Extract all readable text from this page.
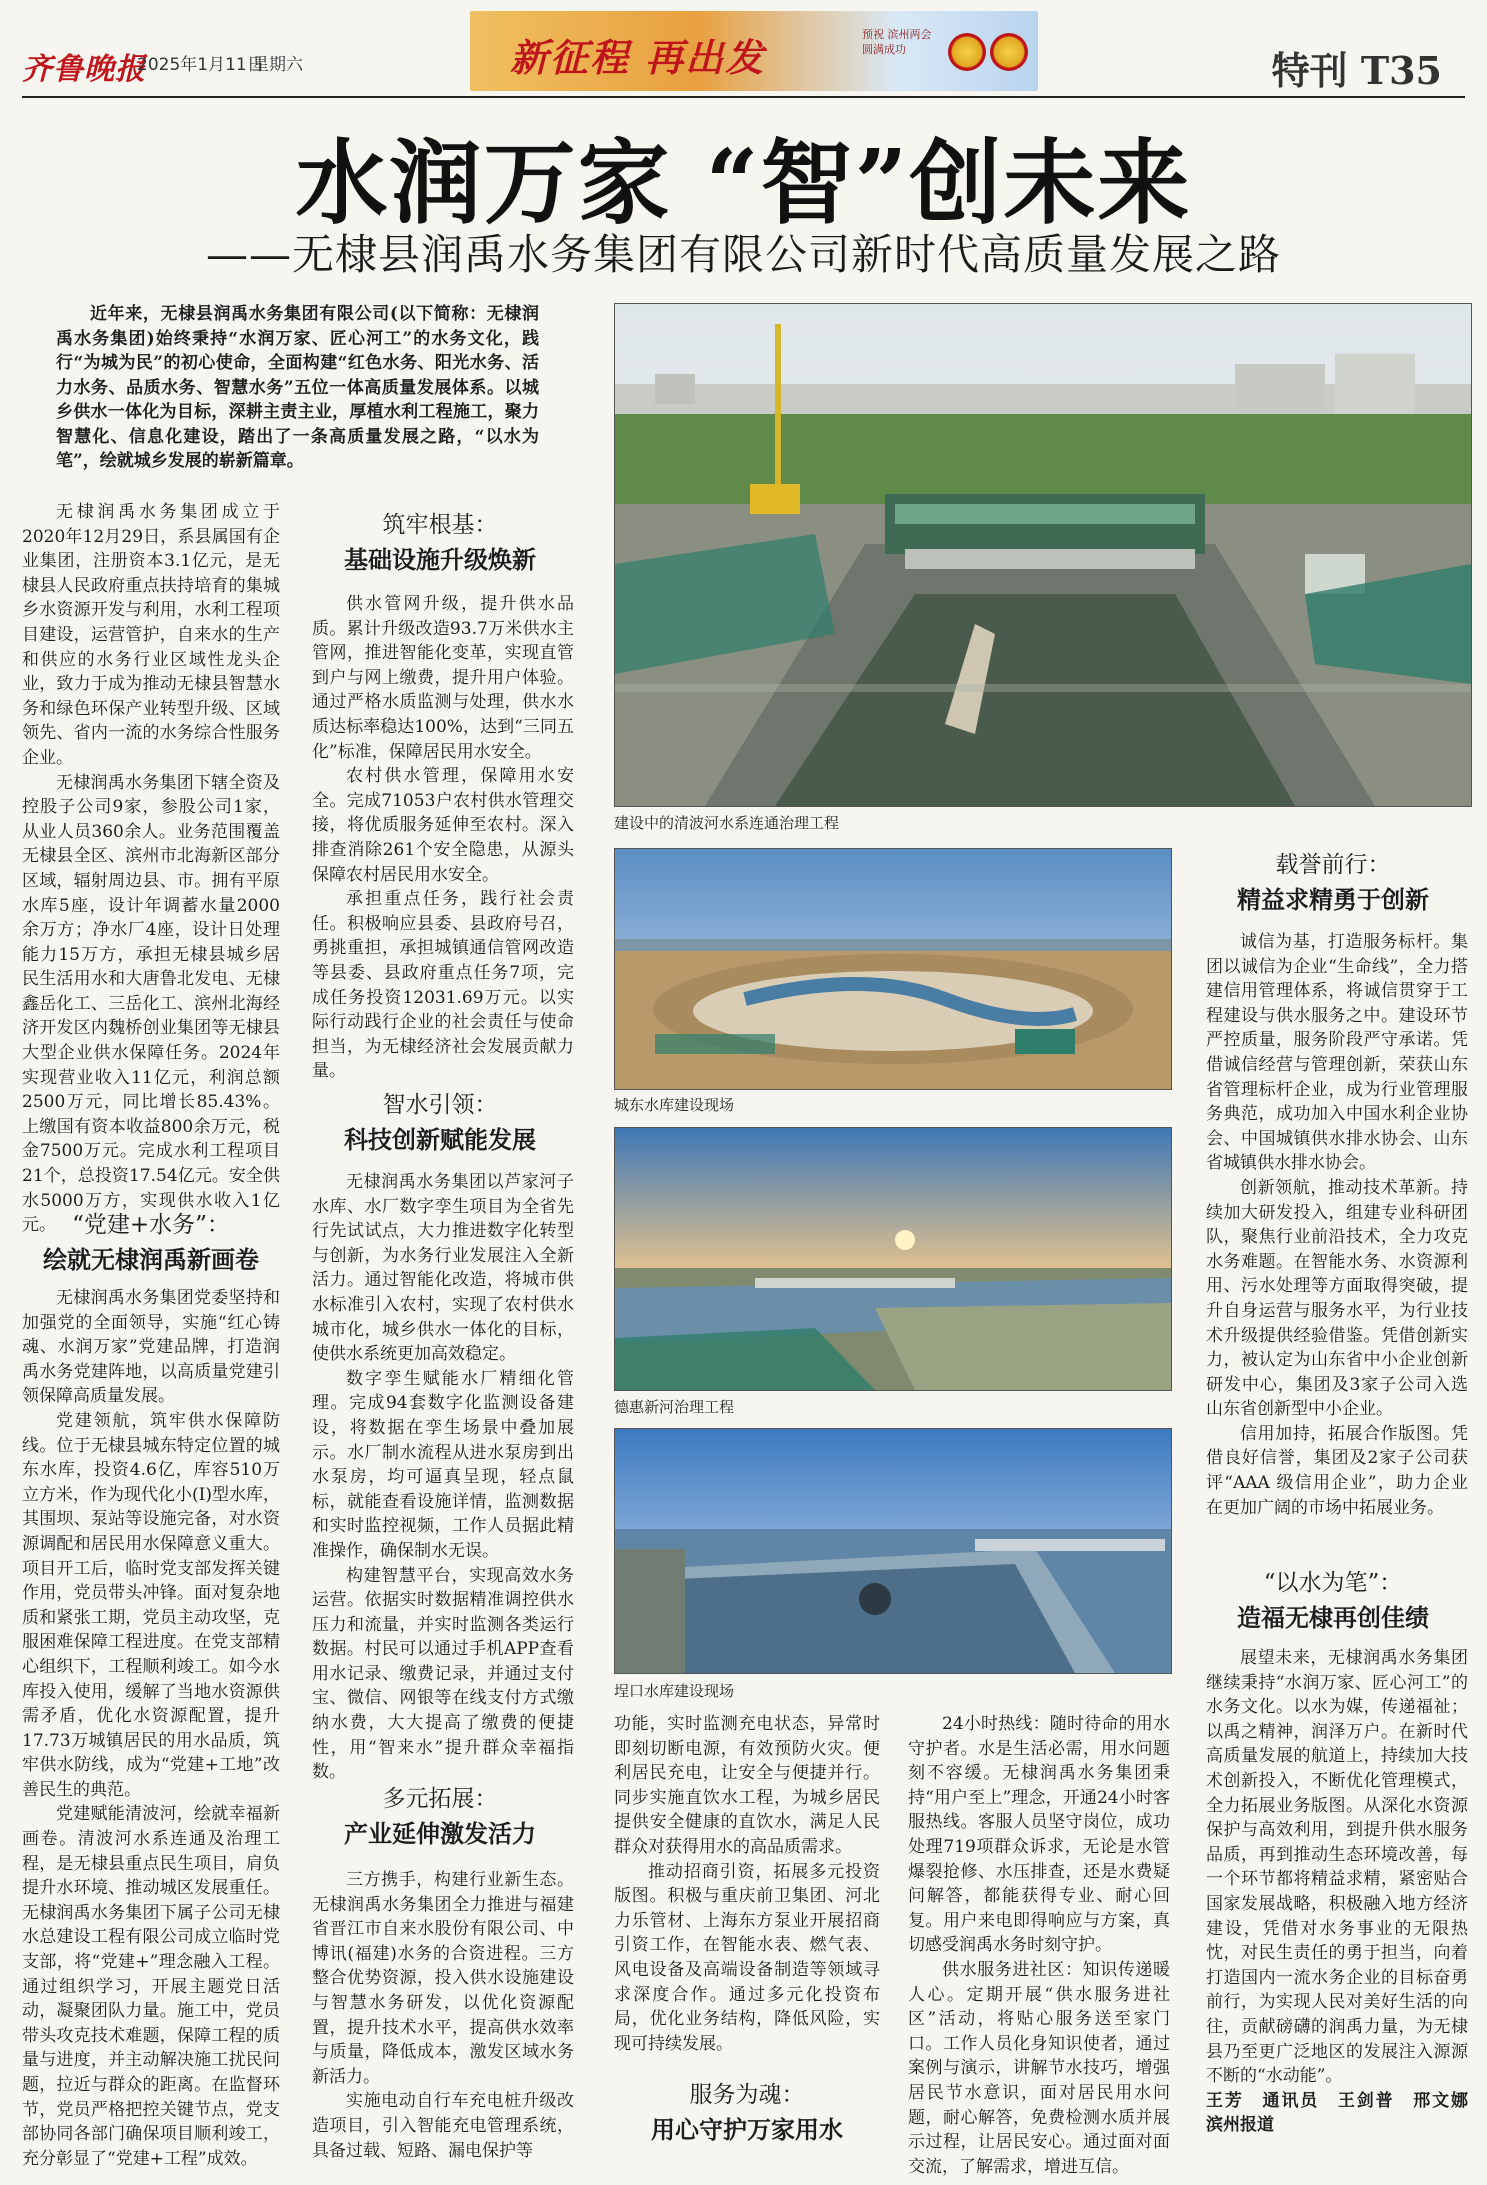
齐鲁晚报
2025年1月11日
星期六	新征程 再出发
预祝 滨州两会 圆满成功	特刊 T35
水润万家 “智”创未来
——无棣县润禹水务集团有限公司新时代高质量发展之路
近年来，无棣县润禹水务集团有限公司(以下简称：无棣润禹水务集团)始终秉持“水润万家、匠心河工”的水务文化，践行“为城为民”的初心使命，全面构建“红色水务、阳光水务、活力水务、品质水务、智慧水务”五位一体高质量发展体系。以城乡供水一体化为目标，深耕主责主业，厚植水利工程施工，聚力智慧化、信息化建设，踏出了一条高质量发展之路，“以水为笔”，绘就城乡发展的崭新篇章。

无棣润禹水务集团成立于2020年12月29日，系县属国有企业集团，注册资本3.1亿元，是无棣县人民政府重点扶持培育的集城乡水资源开发与利用，水利工程项目建设，运营管护，自来水的生产和供应的水务行业区域性龙头企业，致力于成为推动无棣县智慧水务和绿色环保产业转型升级、区域领先、省内一流的水务综合性服务企业。

无棣润禹水务集团下辖全资及控股子公司9家，参股公司1家，从业人员360余人。业务范围覆盖无棣县全区、滨州市北海新区部分区域，辐射周边县、市。拥有平原水库5座，设计年调蓄水量2000余万方；净水厂4座，设计日处理能力15万方，承担无棣县城乡居民生活用水和大唐鲁北发电、无棣鑫岳化工、三岳化工、滨州北海经济开发区内魏桥创业集团等无棣县大型企业供水保障任务。2024年实现营业收入11亿元，利润总额2500万元，同比增长85.43%。上缴国有资本收益800余万元，税金7500万元。完成水利工程项目21个，总投资17.54亿元。安全供水5000万方，实现供水收入1亿元。 “党建+水务”：
绘就无棣润禹新画卷

无棣润禹水务集团党委坚持和加强党的全面领导，实施“红心铸魂、水润万家”党建品牌，打造润禹水务党建阵地，以高质量党建引领保障高质量发展。

党建领航，筑牢供水保障防线。位于无棣县城东特定位置的城东水库，投资4.6亿，库容510万立方米，作为现代化小(I)型水库，其围坝、泵站等设施完备，对水资源调配和居民用水保障意义重大。项目开工后，临时党支部发挥关键作用，党员带头冲锋。面对复杂地质和紧张工期，党员主动攻坚，克服困难保障工程进度。在党支部精心组织下，工程顺利竣工。如今水库投入使用，缓解了当地水资源供需矛盾，优化水资源配置，提升17.73万城镇居民的用水品质，筑牢供水防线，成为“党建+工地”改善民生的典范。

党建赋能清波河，绘就幸福新画卷。清波河水系连通及治理工程，是无棣县重点民生项目，肩负提升水环境、推动城区发展重任。无棣润禹水务集团下属子公司无棣水总建设工程有限公司成立临时党支部，将“党建+”理念融入工程。通过组织学习，开展主题党日活动，凝聚团队力量。施工中，党员带头攻克技术难题，保障工程的质量与进度，并主动解决施工扰民问题，拉近与群众的距离。在监督环节，党员严格把控关键节点，党支部协同各部门确保项目顺利竣工，充分彰显了“党建+工程”成效。

筑牢根基：
基础设施升级焕新

供水管网升级，提升供水品质。累计升级改造93.7万米供水主管网，推进智能化变革，实现直管到户与网上缴费，提升用户体验。通过严格水质监测与处理，供水水质达标率稳达100%，达到“三同五化”标准，保障居民用水安全。

农村供水管理，保障用水安全。完成71053户农村供水管理交接，将优质服务延伸至农村。深入排查消除261个安全隐患，从源头保障农村居民用水安全。

承担重点任务，践行社会责任。积极响应县委、县政府号召，勇挑重担，承担城镇通信管网改造等县委、县政府重点任务7项，完成任务投资12031.69万元。以实际行动践行企业的社会责任与使命担当，为无棣经济社会发展贡献力量。

智水引领：
科技创新赋能发展

无棣润禹水务集团以芦家河子水库、水厂数字孪生项目为全省先行先试试点，大力推进数字化转型与创新，为水务行业发展注入全新活力。通过智能化改造，将城市供水标准引入农村，实现了农村供水城市化，城乡供水一体化的目标，使供水系统更加高效稳定。

数字孪生赋能水厂精细化管理。完成94套数字化监测设备建设，将数据在孪生场景中叠加展示。水厂制水流程从进水泵房到出水泵房，均可逼真呈现，轻点鼠标，就能查看设施详情，监测数据和实时监控视频，工作人员据此精准操作，确保制水无误。

构建智慧平台，实现高效水务运营。依据实时数据精准调控供水压力和流量，并实时监测各类运行数据。村民可以通过手机APP查看用水记录、缴费记录，并通过支付宝、微信、网银等在线支付方式缴纳水费，大大提高了缴费的便捷性，用“智来水”提升群众幸福指数。

多元拓展：
产业延伸激发活力

三方携手，构建行业新生态。无棣润禹水务集团全力推进与福建省晋江市自来水股份有限公司、中博讯(福建)水务的合资进程。三方整合优势资源，投入供水设施建设与智慧水务研发，以优化资源配置，提升技术水平，提高供水效率与质量，降低成本，激发区域水务新活力。

实施电动自行车充电桩升级改造项目，引入智能充电管理系统，具备过载、短路、漏电保护等

建设中的清波河水系连通治理工程
城东水库建设现场
德惠新河治理工程
埕口水库建设现场

功能，实时监测充电状态，异常时即刻切断电源，有效预防火灾。便利居民充电，让安全与便捷并行。同步实施直饮水工程，为城乡居民提供安全健康的直饮水，满足人民群众对获得用水的高品质需求。

推动招商引资，拓展多元投资版图。积极与重庆前卫集团、河北力乐管材、上海东方泵业开展招商引资工作，在智能水表、燃气表、风电设备及高端设备制造等领域寻求深度合作。通过多元化投资布局，优化业务结构，降低风险，实现可持续发展。

服务为魂：
用心守护万家用水

24小时热线：随时待命的用水守护者。水是生活必需，用水问题刻不容缓。无棣润禹水务集团秉持“用户至上”理念，开通24小时客服热线。客服人员坚守岗位，成功处理719项群众诉求，无论是水管爆裂抢修、水压排查，还是水费疑问解答，都能获得专业、耐心回复。用户来电即得响应与方案，真切感受润禹水务时刻守护。

供水服务进社区：知识传递暖人心。定期开展“供水服务进社区”活动，将贴心服务送至家门口。工作人员化身知识使者，通过案例与演示，讲解节水技巧，增强居民节水意识，面对居民用水问题，耐心解答，免费检测水质并展示过程，让居民安心。通过面对面交流，了解需求，增进互信。

载誉前行：
精益求精勇于创新

诚信为基，打造服务标杆。集团以诚信为企业“生命线”，全力搭建信用管理体系，将诚信贯穿于工程建设与供水服务之中。建设环节严控质量，服务阶段严守承诺。凭借诚信经营与管理创新，荣获山东省管理标杆企业，成为行业管理服务典范，成功加入中国水利企业协会、中国城镇供水排水协会、山东省城镇供水排水协会。

创新领航，推动技术革新。持续加大研发投入，组建专业科研团队，聚焦行业前沿技术，全力攻克水务难题。在智能水务、水资源利用、污水处理等方面取得突破，提升自身运营与服务水平，为行业技术升级提供经验借鉴。凭借创新实力，被认定为山东省中小企业创新研发中心，集团及3家子公司入选山东省创新型中小企业。

信用加持，拓展合作版图。凭借良好信誉，集团及2家子公司获评“AAA 级信用企业”，助力企业在更加广阔的市场中拓展业务。

“以水为笔”：
造福无棣再创佳绩

展望未来，无棣润禹水务集团继续秉持“水润万家、匠心河工”的水务文化。以水为媒，传递福祉；以禹之精神，润泽万户。在新时代高质量发展的航道上，持续加大技术创新投入，不断优化管理模式，全力拓展业务版图。从深化水资源保护与高效利用，到提升供水服务品质，再到推动生态环境改善，每一个环节都将精益求精，紧密贴合国家发展战略，积极融入地方经济建设，凭借对水务事业的无限热忱，对民生责任的勇于担当，向着打造国内一流水务企业的目标奋勇前行，为实现人民对美好生活的向往，贡献磅礴的润禹力量，为无棣县乃至更广泛地区的发展注入源源不断的“水动能”。

王芳　通讯员　王剑普　邢文娜　滨州报道
